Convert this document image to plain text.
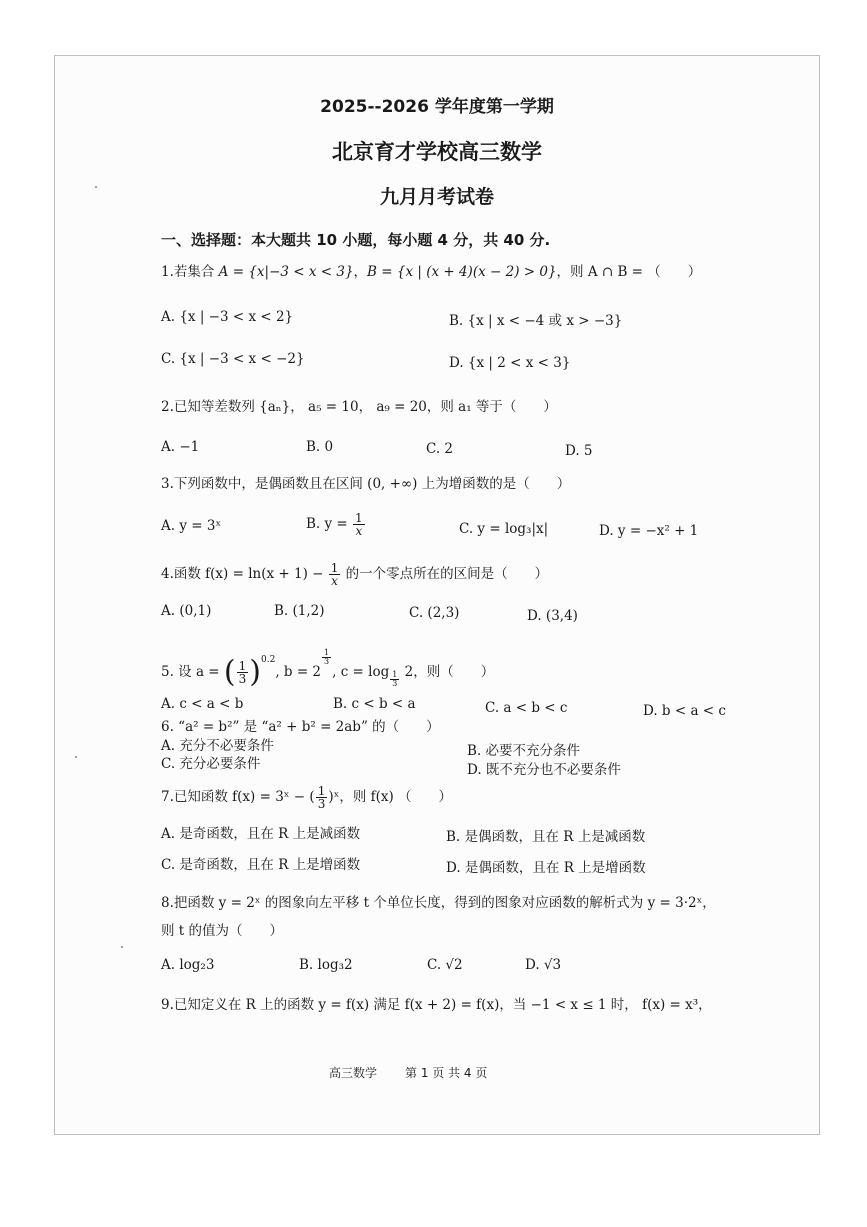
2025--2026 学年度第一学期
北京育才学校高三数学
九月月考试卷
一、选择题：本大题共 10 小题，每小题 4 分，共 40 分.
1.若集合 A = {x|−3 < x < 3}，B = {x | (x + 4)(x − 2) > 0}，则 A ∩ B = （　　）
A. {x | −3 < x < 2}	B. {x | x < −4 或 x > −3}
C. {x | −3 < x < −2}	D. {x | 2 < x < 3}
2.已知等差数列 {aₙ}， a₅ = 10， a₉ = 20，则 a₁ 等于（　　）
A. −1	B. 0	C. 2	D. 5
3.下列函数中，是偶函数且在区间 (0, +∞) 上为增函数的是（　　）
A. y = 3ˣ	B. $y = \frac{1}{x}$	C. y = log₃|x|	D. y = −x² + 1
4.函数 $f(x) = \ln(x + 1) - \frac{1}{x}$ 的一个零点所在的区间是（　　）
A. (0,1)	B. (1,2)	C. (2,3)	D. (3,4)
5. 设 a = ( $\frac{1}{3} )^{0.2}$, b = 2
$\frac{1}{3}$
, $c = \log \frac{1}{3} 2$，则（　　）
A. c < a < b	B. c < b < a	C. a < b < c	D. b < a < c
6. “a² = b²” 是 “a² + b² = 2ab” 的（　　）
A. 充分不必要条件	B. 必要不充分条件
C. 充分必要条件	D. 既不充分也不必要条件
7.已知函数 f(x) = 3ˣ − ( $\frac{1}{3}$ )ˣ，则 f(x) （　　）
A. 是奇函数，且在 R 上是减函数	B. 是偶函数，且在 R 上是减函数
C. 是奇函数，且在 R 上是增函数	D. 是偶函数，且在 R 上是增函数
8.把函数 y = 2ˣ 的图象向左平移 t 个单位长度，得到的图象对应函数的解析式为 y = 3·2ˣ，
则 t 的值为（　　）
A. log₂3	B. log₃2	C. √2	D. √3
9.已知定义在 R 上的函数 y = f(x) 满足 f(x + 2) = f(x)，当 −1 < x ≤ 1 时， f(x) = x³，
高三数学 第 1 页 共 4 页
